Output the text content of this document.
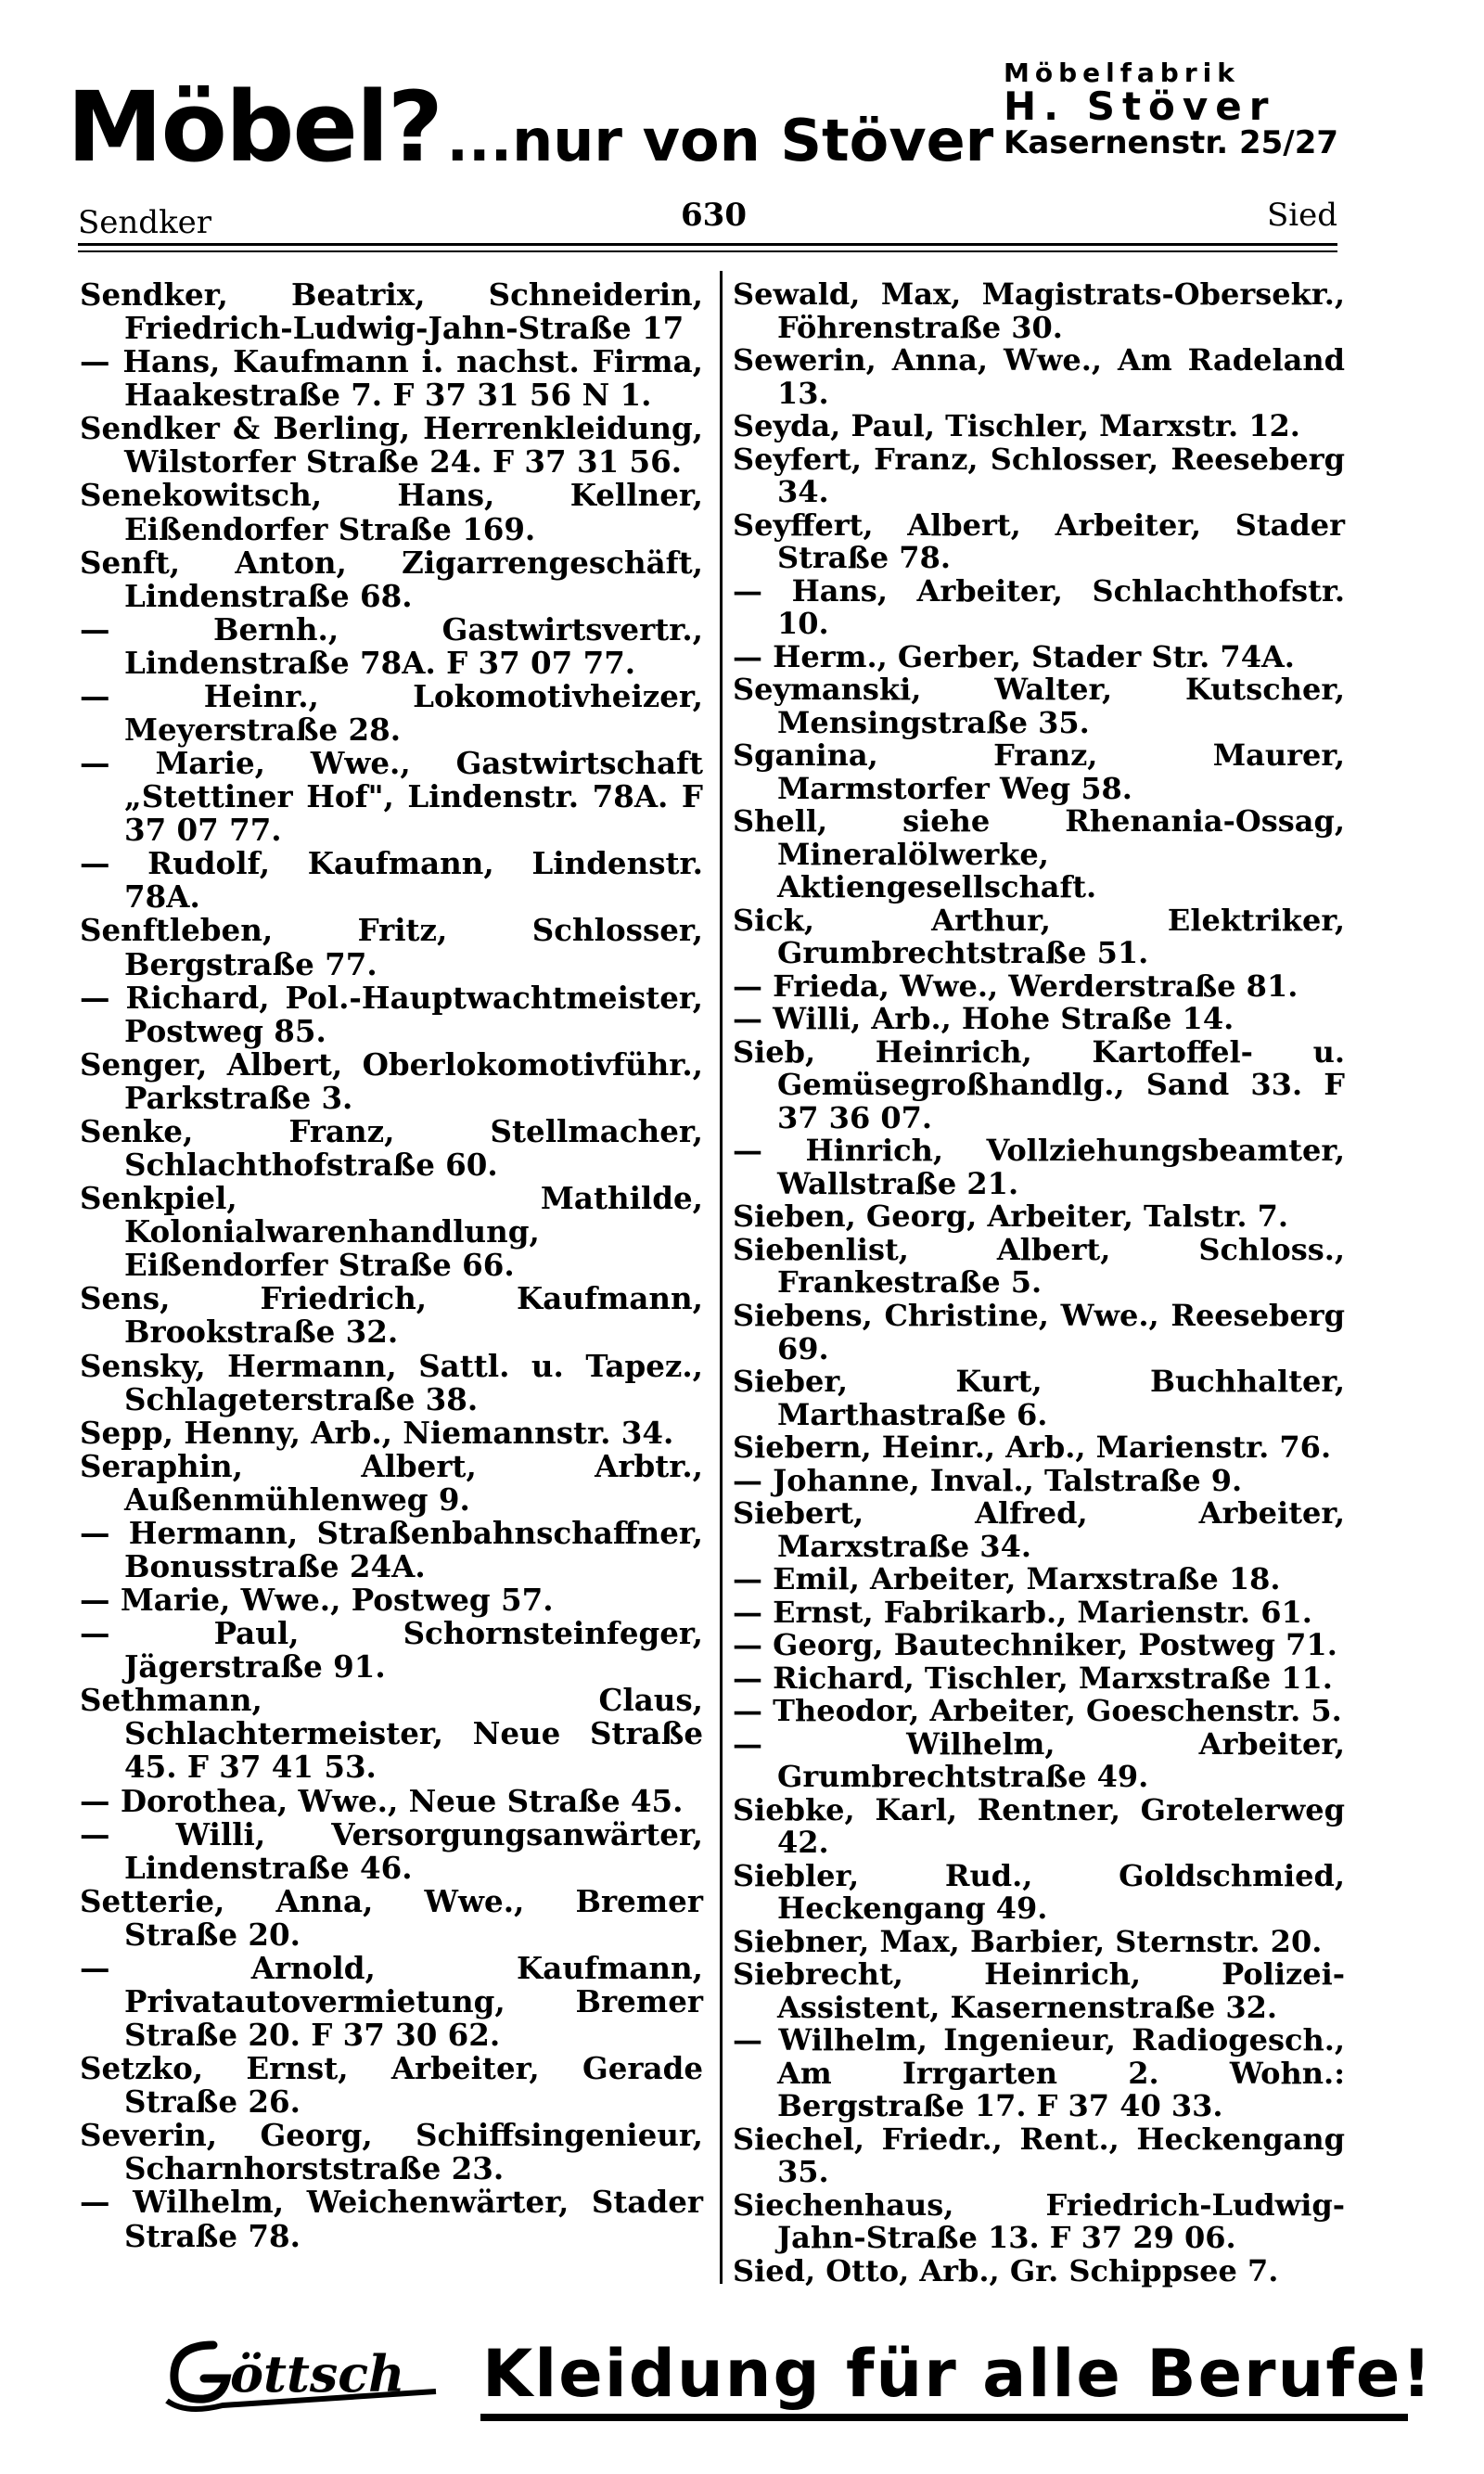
Möbel? ...nur von Stöver
Möbelfabrik
H. Stöver
Kasernenstr. 25/27
Sendker	630	Sied

Sendker, Beatrix, Schneiderin, Friedrich-Ludwig-Jahn-Straße 17

— Hans, Kaufmann i. nachst. Firma, Haakestraße 7. F 37 31 56 N 1.

Sendker & Berling, Herrenkleidung, Wilstorfer Straße 24. F 37 31 56.

Senekowitsch, Hans, Kellner, Eißendorfer Straße 169.

Senft, Anton, Zigarrengeschäft, Lindenstraße 68.

— Bernh., Gastwirtsvertr., Lindenstraße 78A. F 37 07 77.

— Heinr., Lokomotivheizer, Meyerstraße 28.

— Marie, Wwe., Gastwirtschaft „Stettiner Hof", Lindenstr. 78A. F 37 07 77.

— Rudolf, Kaufmann, Lindenstr. 78A.

Senftleben, Fritz, Schlosser, Bergstraße 77.

— Richard, Pol.-Hauptwachtmeister, Postweg 85.

Senger, Albert, Oberlokomotivführ., Parkstraße 3.

Senke, Franz, Stellmacher, Schlachthofstraße 60.

Senkpiel, Mathilde, Kolonialwarenhandlung, Eißendorfer Straße 66.

Sens, Friedrich, Kaufmann, Brookstraße 32.

Sensky, Hermann, Sattl. u. Tapez., Schlageterstraße 38.

Sepp, Henny, Arb., Niemannstr. 34.

Seraphin, Albert, Arbtr., Außenmühlenweg 9.

— Hermann, Straßenbahnschaffner, Bonusstraße 24A.

— Marie, Wwe., Postweg 57.

— Paul, Schornsteinfeger, Jägerstraße 91.

Sethmann, Claus, Schlachtermeister, Neue Straße 45. F 37 41 53.

— Dorothea, Wwe., Neue Straße 45.

— Willi, Versorgungsanwärter, Lindenstraße 46.

Setterie, Anna, Wwe., Bremer Straße 20.

— Arnold, Kaufmann, Privatautovermietung, Bremer Straße 20. F 37 30 62.

Setzko, Ernst, Arbeiter, Gerade Straße 26.

Severin, Georg, Schiffsingenieur, Scharnhorststraße 23.

— Wilhelm, Weichenwärter, Stader Straße 78.

Sewald, Max, Magistrats-Obersekr., Föhrenstraße 30.

Sewerin, Anna, Wwe., Am Radeland 13.

Seyda, Paul, Tischler, Marxstr. 12.

Seyfert, Franz, Schlosser, Reeseberg 34.

Seyffert, Albert, Arbeiter, Stader Straße 78.

— Hans, Arbeiter, Schlachthofstr. 10.

— Herm., Gerber, Stader Str. 74A.

Seymanski, Walter, Kutscher, Mensingstraße 35.

Sganina, Franz, Maurer, Marmstorfer Weg 58.

Shell, siehe Rhenania-Ossag, Mineralölwerke, Aktiengesellschaft.

Sick, Arthur, Elektriker, Grumbrechtstraße 51.

— Frieda, Wwe., Werderstraße 81.

— Willi, Arb., Hohe Straße 14.

Sieb, Heinrich, Kartoffel- u. Gemüsegroßhandlg., Sand 33. F 37 36 07.

— Hinrich, Vollziehungsbeamter, Wallstraße 21.

Sieben, Georg, Arbeiter, Talstr. 7.

Siebenlist, Albert, Schloss., Frankestraße 5.

Siebens, Christine, Wwe., Reeseberg 69.

Sieber, Kurt, Buchhalter, Marthastraße 6.

Siebern, Heinr., Arb., Marienstr. 76.

— Johanne, Inval., Talstraße 9.

Siebert, Alfred, Arbeiter, Marxstraße 34.

— Emil, Arbeiter, Marxstraße 18.

— Ernst, Fabrikarb., Marienstr. 61.

— Georg, Bautechniker, Postweg 71.

— Richard, Tischler, Marxstraße 11.

— Theodor, Arbeiter, Goeschenstr. 5.

— Wilhelm, Arbeiter, Grumbrechtstraße 49.

Siebke, Karl, Rentner, Grotelerweg 42.

Siebler, Rud., Goldschmied, Heckengang 49.

Siebner, Max, Barbier, Sternstr. 20.

Siebrecht, Heinrich, Polizei-Assistent, Kasernenstraße 32.

— Wilhelm, Ingenieur, Radiogesch., Am Irrgarten 2. Wohn.: Bergstraße 17. F 37 40 33.

Siechel, Friedr., Rent., Heckengang 35.

Siechenhaus, Friedrich-Ludwig-Jahn-Straße 13. F 37 29 06.

Sied, Otto, Arb., Gr. Schippsee 7.

öttsch Kleidung für alle Berufe!
